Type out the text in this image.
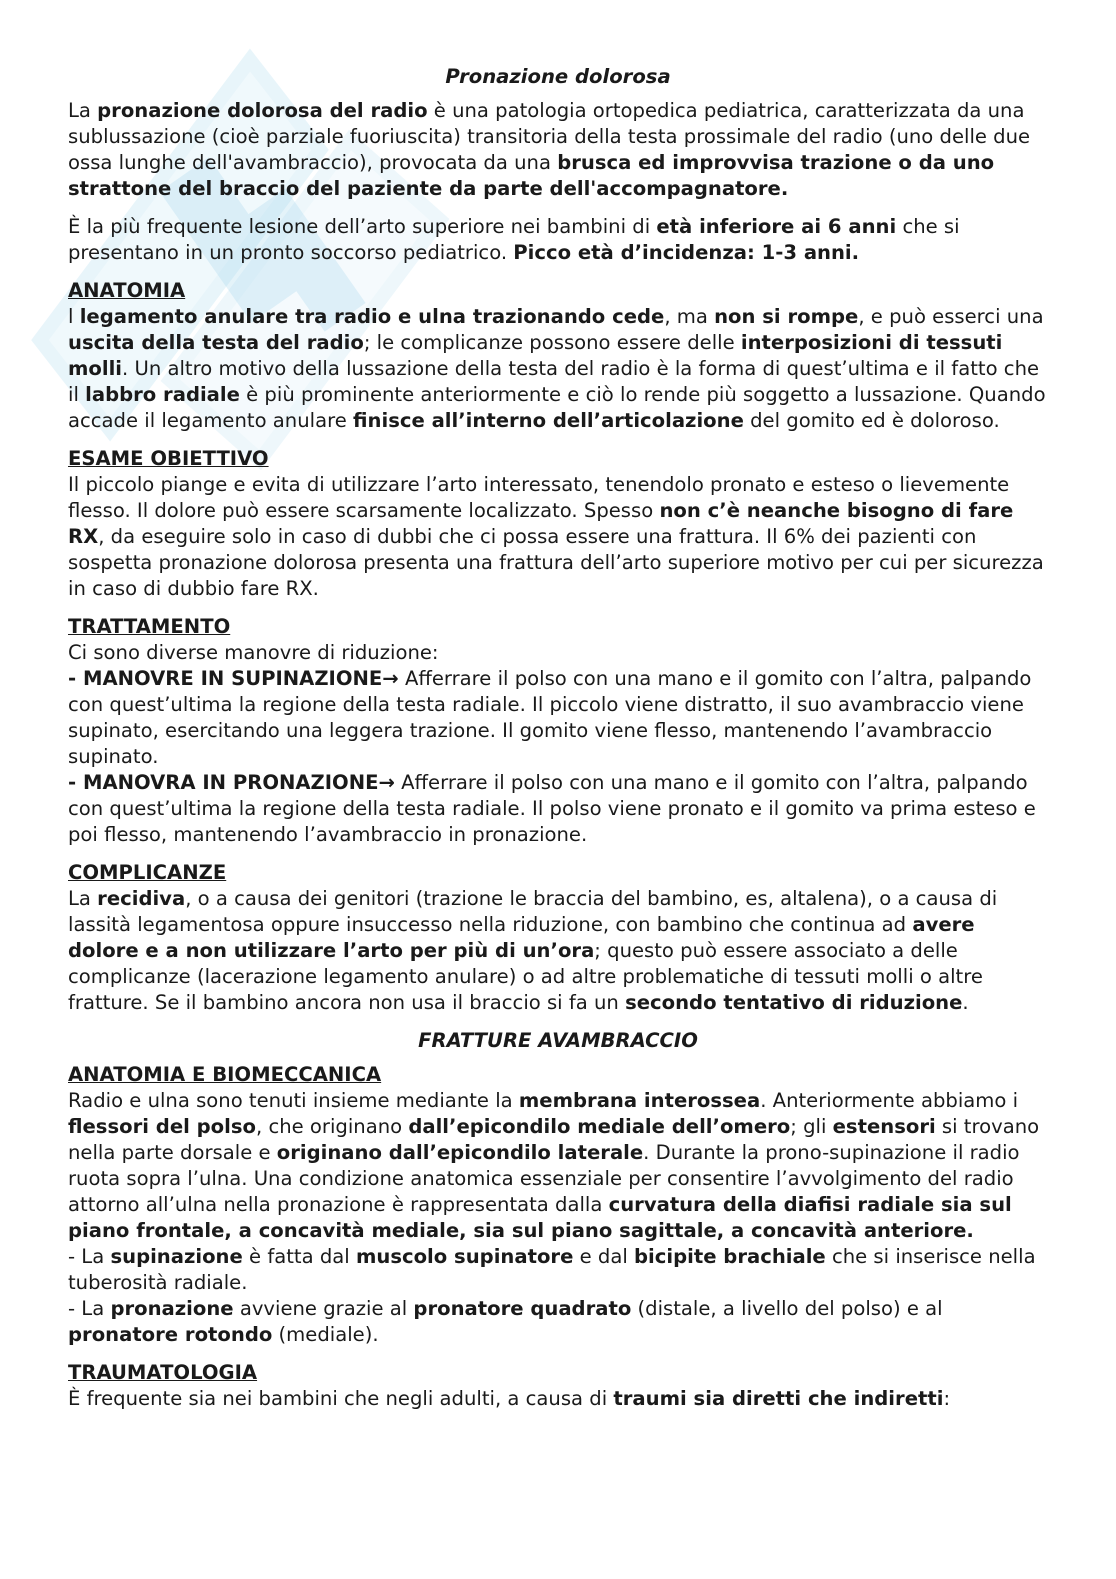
Pronazione dolorosa

La pronazione dolorosa del radio è una patologia ortopedica pediatrica, caratterizzata da una sublussazione (cioè parziale fuoriuscita) transitoria della testa prossimale del radio (uno delle due ossa lunghe dell'avambraccio), provocata da una brusca ed improvvisa trazione o da uno strattone del braccio del paziente da parte dell'accompagnatore.

È la più frequente lesione dell’arto superiore nei bambini di età inferiore ai 6 anni che si presentano in un pronto soccorso pediatrico. Picco età d’incidenza: 1-3 anni.

ANATOMIA
l legamento anulare tra radio e ulna trazionando cede, ma non si rompe, e può esserci una uscita della testa del radio; le complicanze possono essere delle interposizioni di tessuti molli. Un altro motivo della lussazione della testa del radio è la forma di quest’ultima e il fatto che il labbro radiale è più prominente anteriormente e ciò lo rende più soggetto a lussazione. Quando accade il legamento anulare finisce all’interno dell’articolazione del gomito ed è doloroso.
ESAME OBIETTIVO
Il piccolo piange e evita di utilizzare l’arto interessato, tenendolo pronato e esteso o lievemente flesso. Il dolore può essere scarsamente localizzato. Spesso non c’è neanche bisogno di fare RX, da eseguire solo in caso di dubbi che ci possa essere una frattura. Il 6% dei pazienti con sospetta pronazione dolorosa presenta una frattura dell’arto superiore motivo per cui per sicurezza in caso di dubbio fare RX.
TRATTAMENTO
Ci sono diverse manovre di riduzione:
- MANOVRE IN SUPINAZIONE→ Afferrare il polso con una mano e il gomito con l’altra, palpando con quest’ultima la regione della testa radiale. Il piccolo viene distratto, il suo avambraccio viene supinato, esercitando una leggera trazione. Il gomito viene flesso, mantenendo l’avambraccio supinato.
- MANOVRA IN PRONAZIONE→ Afferrare il polso con una mano e il gomito con l’altra, palpando con quest’ultima la regione della testa radiale. Il polso viene pronato e il gomito va prima esteso e poi flesso, mantenendo l’avambraccio in pronazione.
COMPLICANZE
La recidiva, o a causa dei genitori (trazione le braccia del bambino, es, altalena), o a causa di lassità legamentosa oppure insuccesso nella riduzione, con bambino che continua ad avere dolore e a non utilizzare l’arto per più di un’ora; questo può essere associato a delle complicanze (lacerazione legamento anulare) o ad altre problematiche di tessuti molli o altre fratture. Se il bambino ancora non usa il braccio si fa un secondo tentativo di riduzione.
FRATTURE AVAMBRACCIO
ANATOMIA E BIOMECCANICA
Radio e ulna sono tenuti insieme mediante la membrana interossea. Anteriormente abbiamo i flessori del polso, che originano dall’epicondilo mediale dell’omero; gli estensori si trovano nella parte dorsale e originano dall’epicondilo laterale. Durante la prono-supinazione il radio ruota sopra l’ulna. Una condizione anatomica essenziale per consentire l’avvolgimento del radio attorno all’ulna nella pronazione è rappresentata dalla curvatura della diafisi radiale sia sul piano frontale, a concavità mediale, sia sul piano sagittale, a concavità anteriore.
- La supinazione è fatta dal muscolo supinatore e dal bicipite brachiale che si inserisce nella tuberosità radiale.
- La pronazione avviene grazie al pronatore quadrato (distale, a livello del polso) e al pronatore rotondo (mediale).
TRAUMATOLOGIA
È frequente sia nei bambini che negli adulti, a causa di traumi sia diretti che indiretti:
